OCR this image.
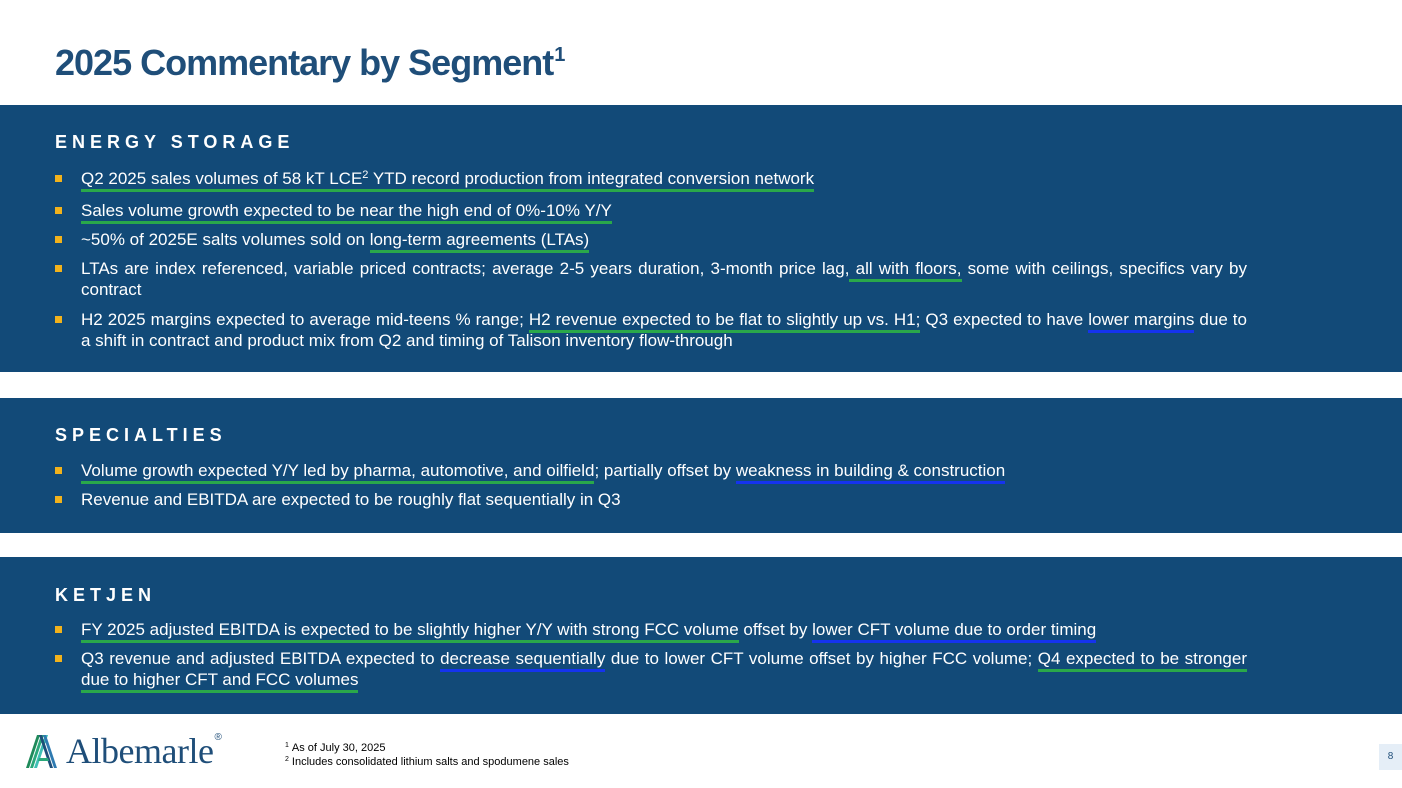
2025 Commentary by Segment$^1$
ENERGY STORAGE
Q2 2025 sales volumes of 58 kT LCE$^2$ YTD record production from integrated conversion network
Sales volume growth expected to be near the high end of 0%-10% Y/Y
~50% of 2025E salts volumes sold on long-term agreements (LTAs)
LTAs are index referenced, variable priced contracts; average 2-5 years duration, 3-month price lag, all with floors, some with ceilings, specifics vary by contract
H2 2025 margins expected to average mid-teens % range; H2 revenue expected to be flat to slightly up vs. H1; Q3 expected to have lower margins due to a shift in contract and product mix from Q2 and timing of Talison inventory flow-through
SPECIALTIES
Volume growth expected Y/Y led by pharma, automotive, and oilfield; partially offset by weakness in building & construction
Revenue and EBITDA are expected to be roughly flat sequentially in Q3
KETJEN
FY 2025 adjusted EBITDA is expected to be slightly higher Y/Y with strong FCC volume offset by lower CFT volume due to order timing
Q3 revenue and adjusted EBITDA expected to decrease sequentially due to lower CFT volume offset by higher FCC volume; Q4 expected to be stronger due to higher CFT and FCC volumes
Albemarle ®
$^1$ As of July 30, 2025
$^2$ Includes consolidated lithium salts and spodumene sales	8
